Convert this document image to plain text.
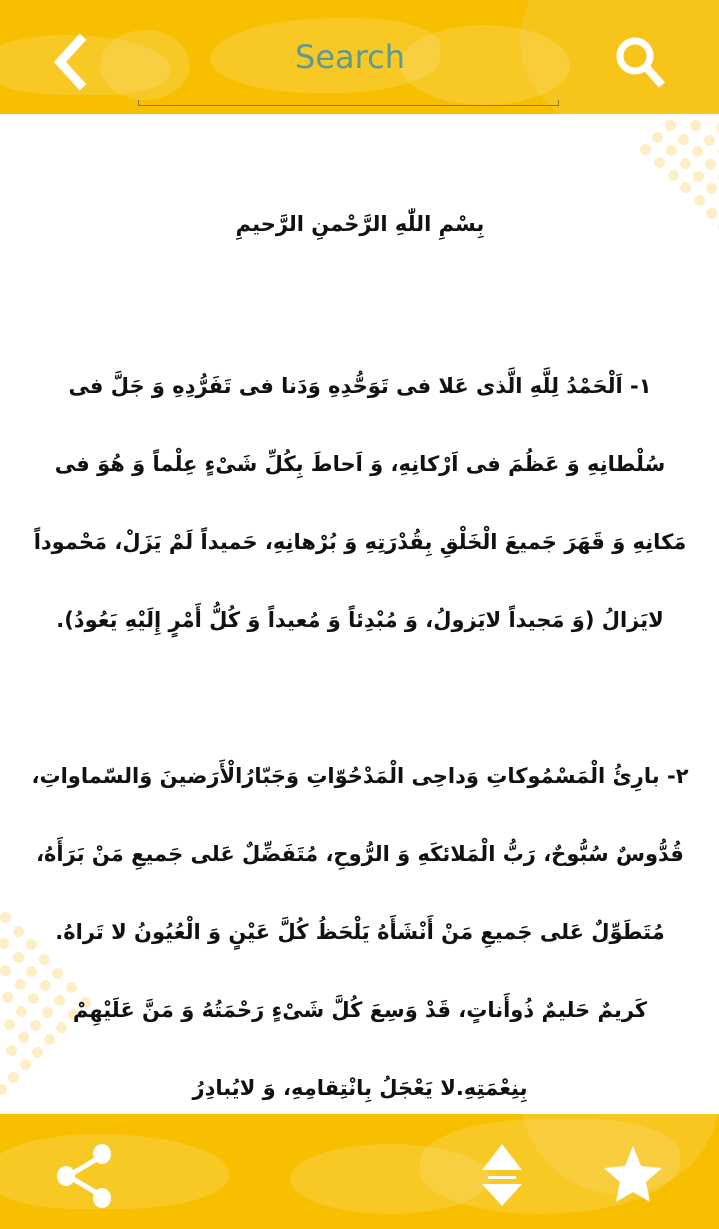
Search
بِسْمِ اللّٰهِ الرَّحْمنِ الرَّحيمِ
١- اَلْحَمْدُ لِلَّهِ الَّذى عَلا فى تَوَحُّدِهِ وَدَنا فى تَفَرُّدِهِ وَ جَلَّ فى سُلْطانِهِ وَ عَظُمَ فى اَرْكانِهِ، وَ اَحاطَ بِكُلِّ شَىْءٍ عِلْماً وَ هُوَ فى مَكانِهِ وَ قَهَرَ جَميعَ الْخَلْقِ بِقُدْرَتِهِ وَ بُرْهانِهِ، حَميداً لَمْ يَزَلْ، مَحْموداً لايَزالُ (وَ مَجيداً لايَزولُ، وَ مُبْدِئاً وَ مُعيداً وَ كُلُّ أَمْرٍ إِلَيْهِ يَعُودُ).
٢- بارِئُ الْمَسْمُوكاتِ وَداحِى الْمَدْحُوّاتِ وَجَبّارُالْأَرَضينَ وَالسّماواتِ، قُدُّوسٌ سُبُّوحٌ، رَبُّ الْمَلائكَهِ وَ الرُّوحِ، مُتَفَضِّلٌ عَلى جَميعِ مَنْ بَرَأَهُ، مُتَطَوِّلٌ عَلى جَميعِ مَنْ أَنْشَأَهُ يَلْحَظُ كُلَّ عَيْنٍ وَ الْعُيُونُ لا تَراهُ. كَريمٌ حَليمٌ ذُوأَناتٍ، قَدْ وَسِعَ كُلَّ شَىْءٍ رَحْمَتُهُ وَ مَنَّ عَلَيْهِمْ بِنِعْمَتِهِ.لا يَعْجَلُ بِانْتِقامِهِ، وَ لايُبادِرُ
